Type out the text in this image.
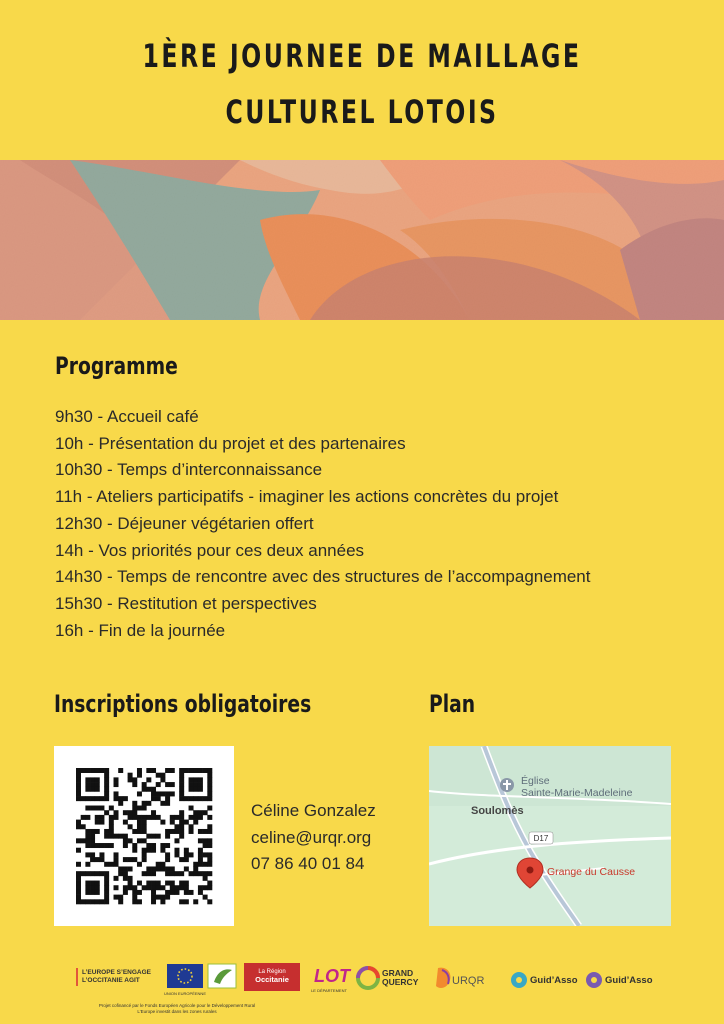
1ÈRE JOURNEE DE MAILLAGE
CULTUREL LOTOIS
Programme
9h30 - Accueil café
10h - Présentation du projet et des partenaires
10h30 - Temps d’interconnaissance
11h - Ateliers participatifs - imaginer les actions concrètes du projet
12h30 - Déjeuner végétarien offert
14h - Vos priorités pour ces deux années
14h30 - Temps de rencontre avec des structures de l’accompagnement
15h30 - Restitution et perspectives
16h - Fin de la journée
Inscriptions obligatoires	Plan
Céline Gonzalez
celine@urqr.org
07 86 40 01 84
D17
Église
Sainte-Marie-Madeleine
Soulomès
Grange du Causse
L’EUROPE S’ENGAGE
L’OCCITANIE AGIT
UNION EUROPÉENNE
La Région
Occitanie LOT
LE DÉPARTEMENT
GRAND
QUERCY	URQR	Guid’Asso	Guid’Asso
Projet cofinancé par le Fonds Européen Agricole pour le Développement Rural L’Europe investit dans les zones rurales
